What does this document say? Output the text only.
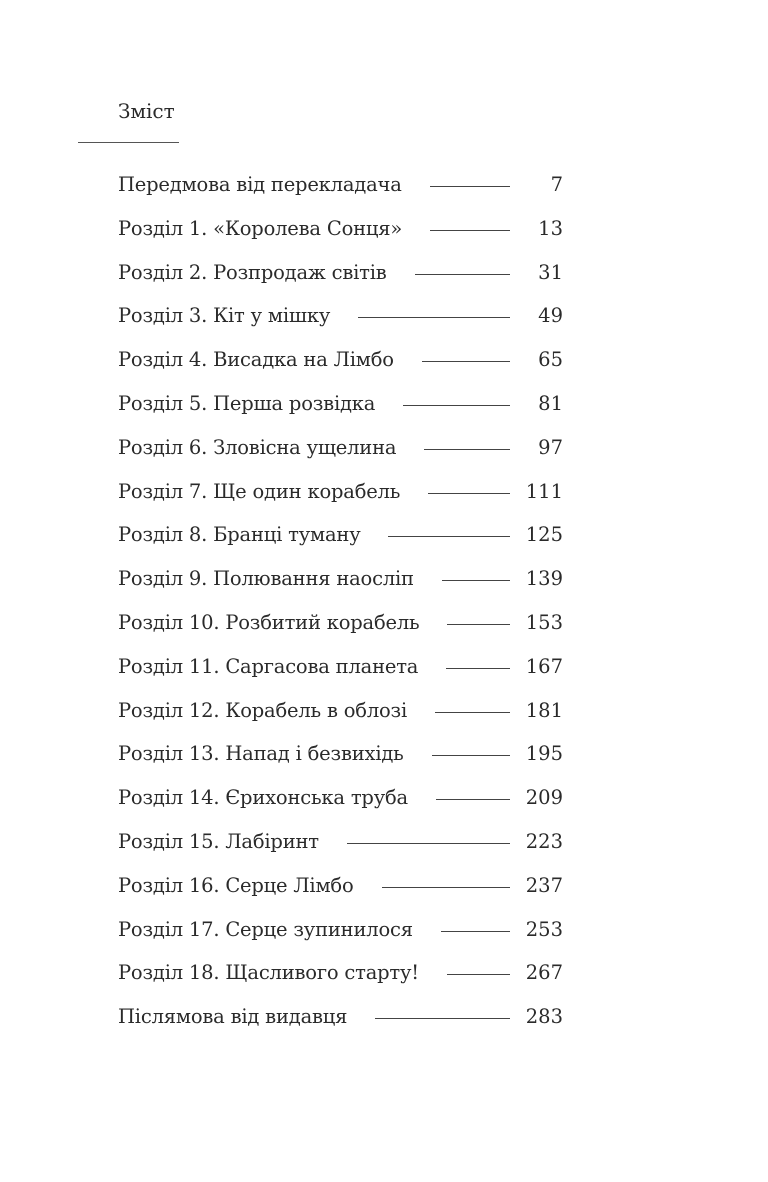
Зміст
Передмова від перекладача	7
Розділ 1. «Королева Сонця»	13
Розділ 2. Розпродаж світів	31
Розділ 3. Кіт у мішку	49
Розділ 4. Висадка на Лімбо	65
Розділ 5. Перша розвідка	81
Розділ 6. Зловісна ущелина	97
Розділ 7. Ще один корабель	111
Розділ 8. Бранці туману	125
Розділ 9. Полювання наосліп	139
Розділ 10. Розбитий корабель	153
Розділ 11. Саргасова планета	167
Розділ 12. Корабель в облозі	181
Розділ 13. Напад і безвихідь	195
Розділ 14. Єрихонська труба	209
Розділ 15. Лабіринт	223
Розділ 16. Серце Лімбо	237
Розділ 17. Серце зупинилося	253
Розділ 18. Щасливого старту!	267
Післямова від видавця	283
